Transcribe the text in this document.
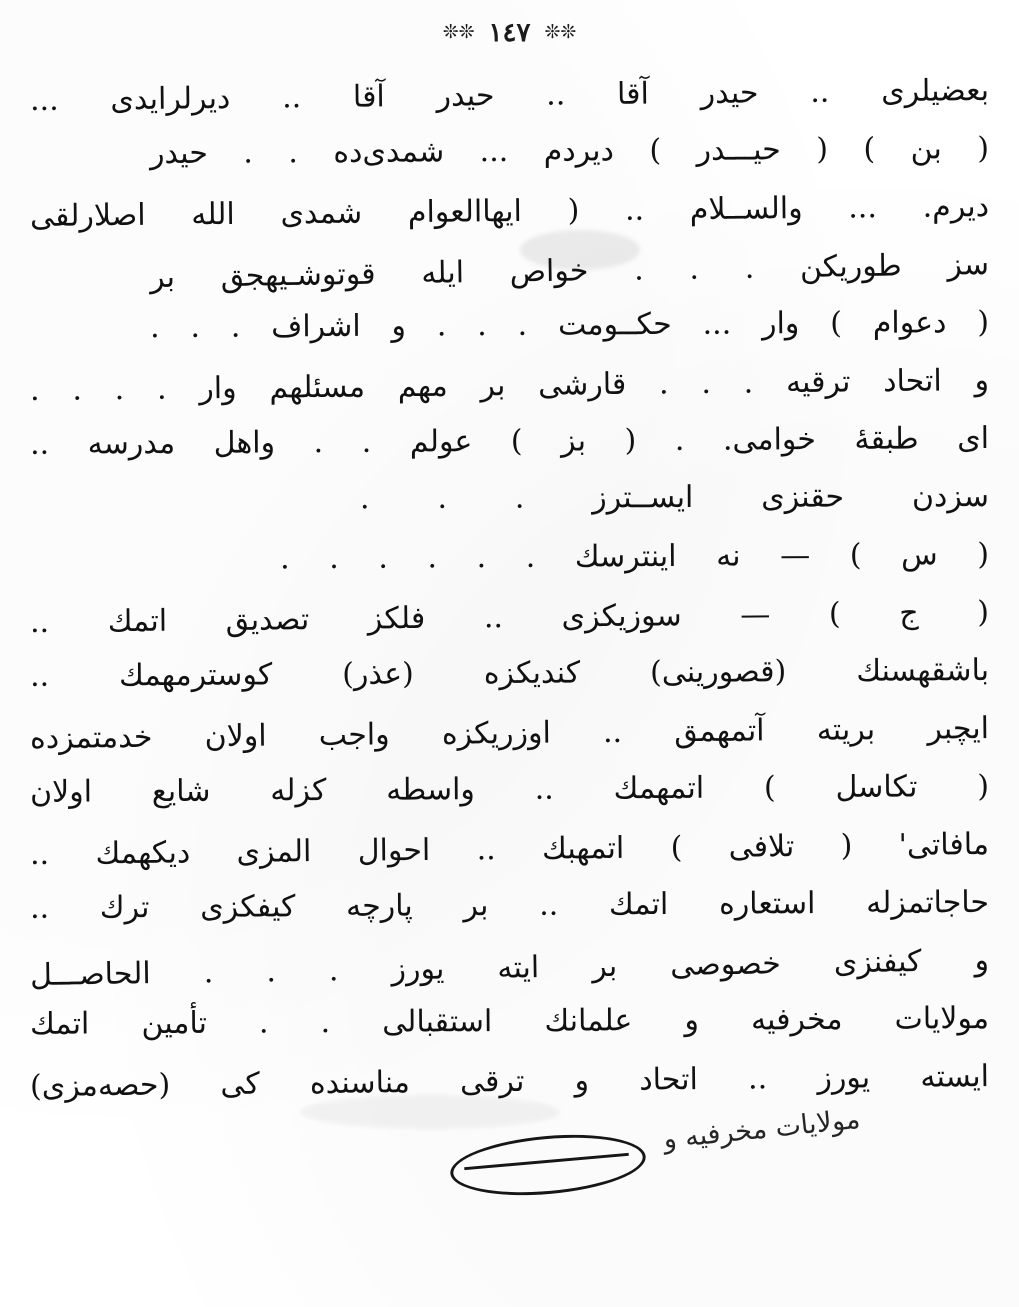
❊❊١٤٧❊❊
بعضیلری .. حیدر آقا .. حیدر آقا .. دیرلرایدی ...
( بن ) ( حیـــدر ) دیردم ... شمدی‌ده . . حیدر
دیرم. ... والســلام .. ( ایهاالعوام شمدی الله اصلارلقی
سز طوریكن . . . خواص ایله قوتوشـیهجق بر
( دعوام ) وار ... حكــومت . . . و اشراف . . .
و اتحاد ترقیه . . . قارشی بر مهم مسئلهم وار . . . .
ای طبقهٔ خوامی. . ( بز ) عولم . . واهل مدرسه ..
سزدن حقنزی ایســترز . . .
( س ) — نه اینترسك . . . . . .
( ج ) — سوزیكزی .. فلكز تصدیق اتمك ..
باشقهسنك (قصورینی) كندیكزه (عذر) كوسترمهمك ..
ایچبر بریته آتمهمق .. اوزریكزه واجب اولان خدمتمزده
( تكاسل ) اتمهمك .. واسطه كزله شایع اولان
مافاتی' ( تلافی ) اتمهبك .. احوال المزی دیكهمك ..
حاجاتمزله استعاره اتمك .. بر پارچه كیفكزی ترك ..
و كیفنزی خصوصی بر ایته یورز . . . الحاصـــل
مولایات مخرفیه و علمانك استقبالی . . تأمین اتمك
ایسته یورز .. اتحاد و ترقی مناسنده كی (حصه‌مزی)
مولایات مخرفیه و
